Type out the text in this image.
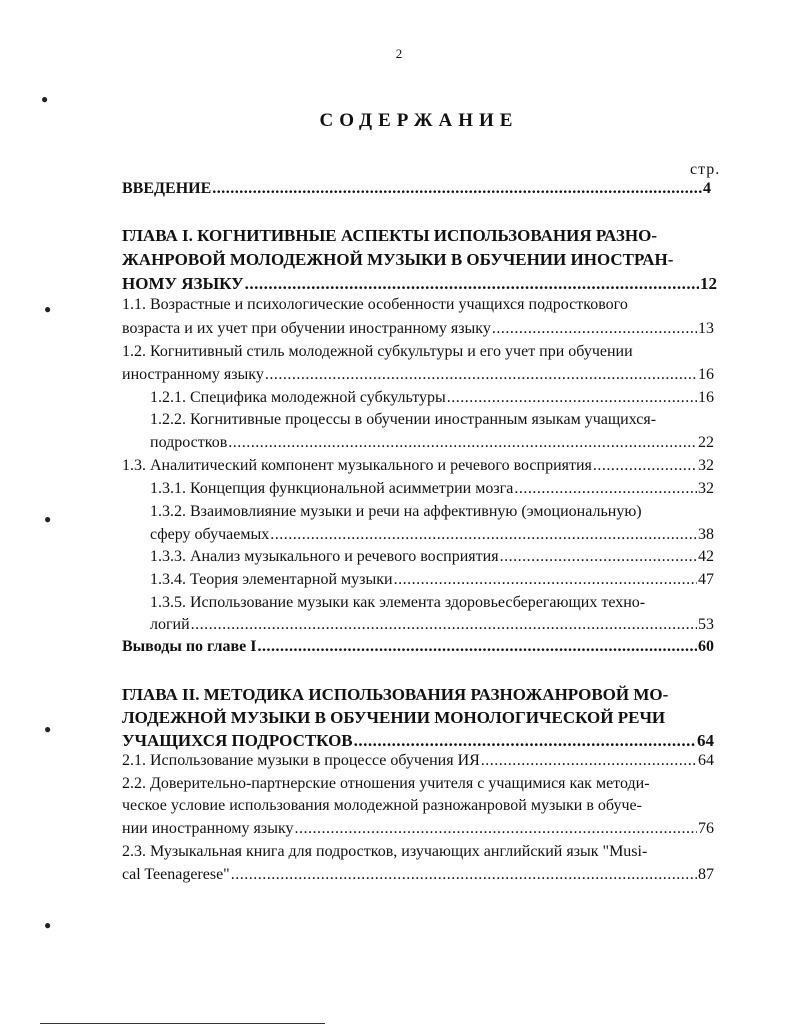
2
СОДЕРЖАНИЕ
стр.
ВВЕДЕНИЕ .....	4
ГЛАВА I. КОГНИТИВНЫЕ АСПЕКТЫ ИСПОЛЬЗОВАНИЯ РАЗНО-
ЖАНРОВОЙ МОЛОДЕЖНОЙ МУЗЫКИ В ОБУЧЕНИИ ИНОСТРАН-
НОМУ ЯЗЫКУ .....	12
1.1. Возрастные и психологические особенности учащихся подросткового
возраста и их учет при обучении иностранному языку .....	13
1.2. Когнитивный стиль молодежной субкультуры и его учет при обучении
иностранному языку .....	16
1.2.1. Специфика молодежной субкультуры .....	16
1.2.2. Когнитивные процессы в обучении иностранным языкам учащихся-
подростков .....	22
1.3. Аналитический компонент музыкального и речевого восприятия .....	32
1.3.1. Концепция функциональной асимметрии мозга .....	32
1.3.2. Взаимовлияние музыки и речи на аффективную (эмоциональную)
сферу обучаемых .....	38
1.3.3. Анализ музыкального и речевого восприятия .....	42
1.3.4. Теория элементарной музыки .....	47
1.3.5. Использование музыки как элемента здоровьесберегающих техно-
логий .....	53
Выводы по главе I .....	60
ГЛАВА II. МЕТОДИКА ИСПОЛЬЗОВАНИЯ РАЗНОЖАНРОВОЙ МО-
ЛОДЕЖНОЙ МУЗЫКИ В ОБУЧЕНИИ МОНОЛОГИЧЕСКОЙ РЕЧИ
УЧАЩИХСЯ ПОДРОСТКОВ .....	64
2.1. Использование музыки в процессе обучения ИЯ .....	64
2.2. Доверительно-партнерские отношения учителя с учащимися как методи-
ческое условие использования молодежной разножанровой музыки в обуче-
нии иностранному языку .....	76
2.3. Музыкальная книга для подростков, изучающих английский язык "Musi-
cal Teenagerese" .....	87
●
●
●
●
●
